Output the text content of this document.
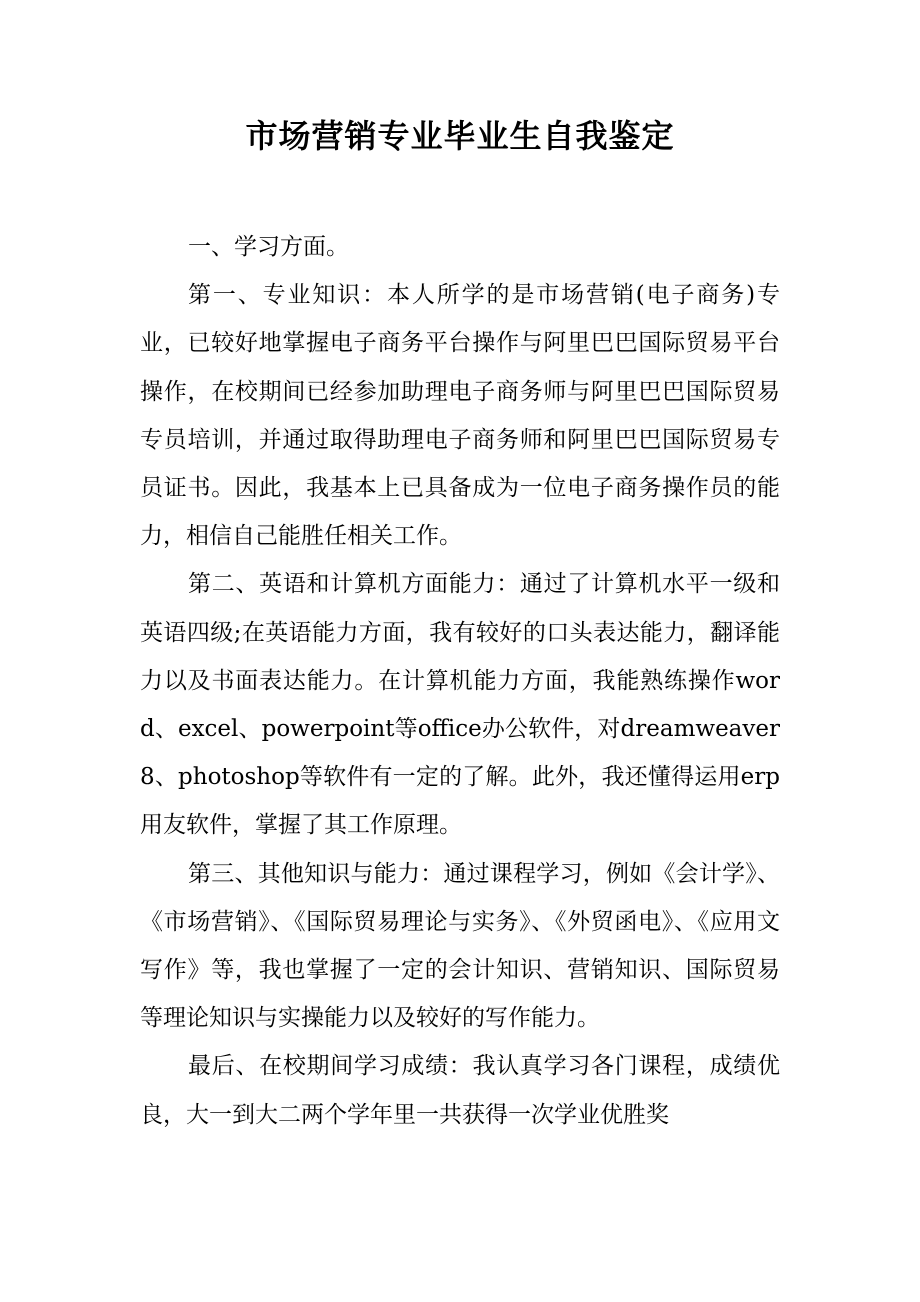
市场营销专业毕业生自我鉴定

一、学习方面。

第一、专业知识：本人所学的是市场营销(电子商务)专业，已较好地掌握电子商务平台操作与阿里巴巴国际贸易平台操作，在校期间已经参加助理电子商务师与阿里巴巴国际贸易专员培训，并通过取得助理电子商务师和阿里巴巴国际贸易专员证书。因此，我基本上已具备成为一位电子商务操作员的能力，相信自己能胜任相关工作。

第二、英语和计算机方面能力：通过了计算机水平一级和英语四级;在英语能力方面，我有较好的口头表达能力，翻译能力以及书面表达能力。在计算机能力方面，我能熟练操作word、excel、powerpoint等office办公软件，对dreamweaver8、photoshop等软件有一定的了解。此外，我还懂得运用erp用友软件，掌握了其工作原理。

第三、其他知识与能力：通过课程学习，例如《会计学》、《市场营销》、《国际贸易理论与实务》、《外贸函电》、《应用文写作》等，我也掌握了一定的会计知识、营销知识、国际贸易等理论知识与实操能力以及较好的写作能力。

最后、在校期间学习成绩：我认真学习各门课程，成绩优良，大一到大二两个学年里一共获得一次学业优胜奖
